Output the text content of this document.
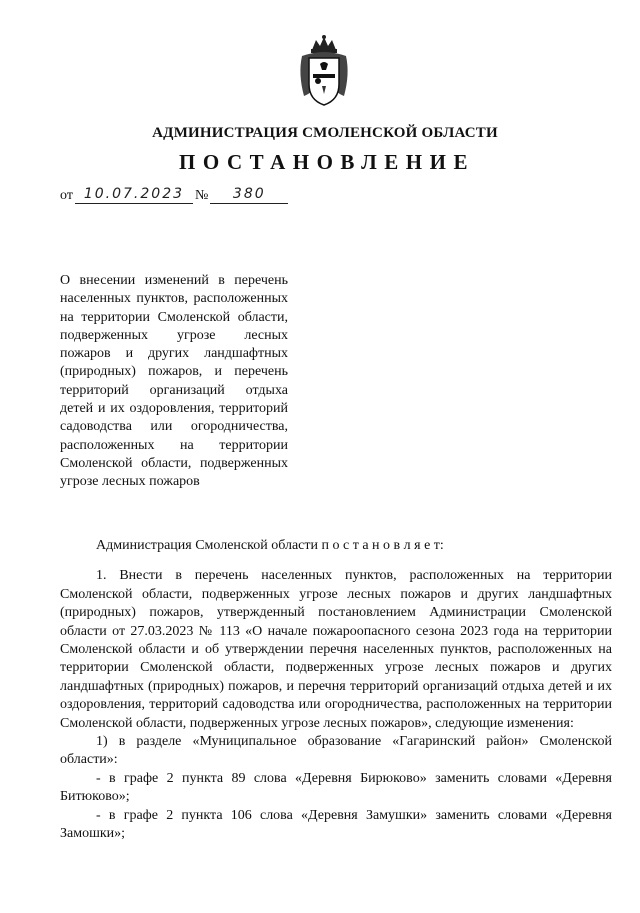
АДМИНИСТРАЦИЯ СМОЛЕНСКОЙ ОБЛАСТИ
ПОСТАНОВЛЕНИЕ
от 10.07.2023 №	380
О внесении изменений в перечень населенных пунктов, расположенных на территории Смоленской области, подверженных угрозе лесных пожаров и других ландшафтных (природных) пожаров, и перечень территорий организаций отдыха детей и их оздоровления, территорий садоводства или огородничества, расположенных на территории Смоленской области, подверженных угрозе лесных пожаров

Администрация Смоленской области п о с т а н о в л я е т:

1. Внести в перечень населенных пунктов, расположенных на территории Смоленской области, подверженных угрозе лесных пожаров и других ландшафтных (природных) пожаров, утвержденный постановлением Администрации Смоленской области от 27.03.2023 № 113 «О начале пожароопасного сезона 2023 года на территории Смоленской области и об утверждении перечня населенных пунктов, расположенных на территории Смоленской области, подверженных угрозе лесных пожаров и других ландшафтных (природных) пожаров, и перечня территорий организаций отдыха детей и их оздоровления, территорий садоводства или огородничества, расположенных на территории Смоленской области, подверженных угрозе лесных пожаров», следующие изменения:

1) в разделе «Муниципальное образование «Гагаринский район» Смоленской области»:

- в графе 2 пункта 89 слова «Деревня Бирюково» заменить словами «Деревня Битюково»;

- в графе 2 пункта 106 слова «Деревня Замушки» заменить словами «Деревня Замошки»;
